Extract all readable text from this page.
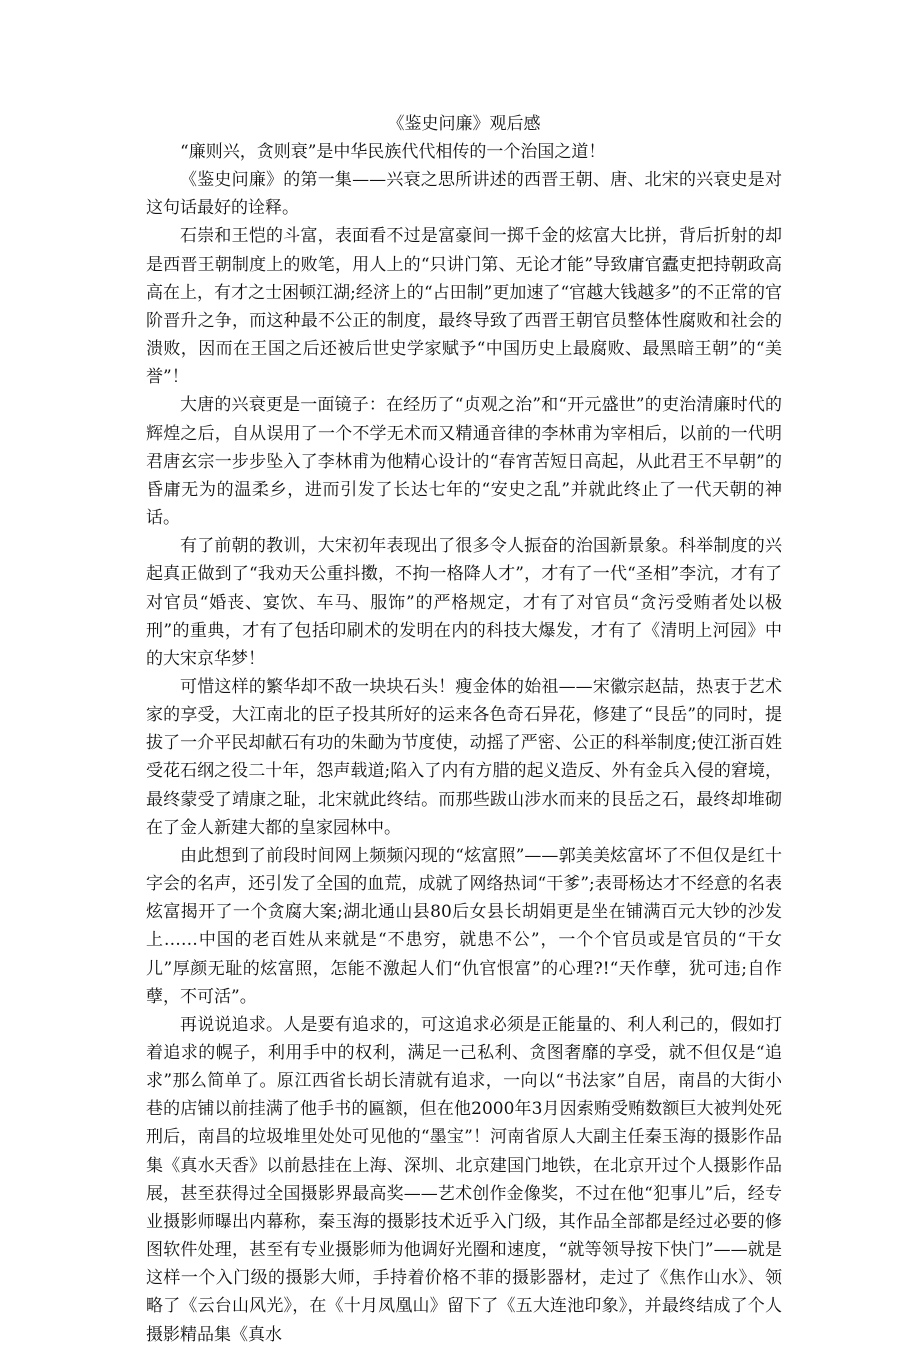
《鉴史问廉》观后感

“廉则兴，贪则衰”是中华民族代代相传的一个治国之道！

《鉴史问廉》的第一集——兴衰之思所讲述的西晋王朝、唐、北宋的兴衰史是对这句话最好的诠释。

石崇和王恺的斗富，表面看不过是富豪间一掷千金的炫富大比拼，背后折射的却是西晋王朝制度上的败笔，用人上的“只讲门第、无论才能”导致庸官蠹吏把持朝政高高在上，有才之士困顿江湖;经济上的“占田制”更加速了“官越大钱越多”的不正常的官阶晋升之争，而这种最不公正的制度，最终导致了西晋王朝官员整体性腐败和社会的溃败，因而在王国之后还被后世史学家赋予“中国历史上最腐败、最黑暗王朝”的“美誉”！

大唐的兴衰更是一面镜子：在经历了“贞观之治”和“开元盛世”的吏治清廉时代的辉煌之后，自从误用了一个不学无术而又精通音律的李林甫为宰相后，以前的一代明君唐玄宗一步步坠入了李林甫为他精心设计的“春宵苦短日高起，从此君王不早朝”的昏庸无为的温柔乡，进而引发了长达七年的“安史之乱”并就此终止了一代天朝的神话。

有了前朝的教训，大宋初年表现出了很多令人振奋的治国新景象。科举制度的兴起真正做到了“我劝天公重抖擞，不拘一格降人才”，才有了一代“圣相”李沆，才有了对官员“婚丧、宴饮、车马、服饰”的严格规定，才有了对官员“贪污受贿者处以极刑”的重典，才有了包括印刷术的发明在内的科技大爆发，才有了《清明上河园》中的大宋京华梦！

可惜这样的繁华却不敌一块块石头！瘦金体的始祖——宋徽宗赵喆，热衷于艺术家的享受，大江南北的臣子投其所好的运来各色奇石异花，修建了“艮岳”的同时，提拔了一介平民却献石有功的朱勔为节度使，动摇了严密、公正的科举制度;使江浙百姓受花石纲之役二十年，怨声载道;陷入了内有方腊的起义造反、外有金兵入侵的窘境，最终蒙受了靖康之耻，北宋就此终结。而那些跋山涉水而来的艮岳之石，最终却堆砌在了金人新建大都的皇家园林中。

由此想到了前段时间网上频频闪现的“炫富照”——郭美美炫富坏了不但仅是红十字会的名声，还引发了全国的血荒，成就了网络热词“干爹”;表哥杨达才不经意的名表炫富揭开了一个贪腐大案;湖北通山县80后女县长胡娟更是坐在铺满百元大钞的沙发上……中国的老百姓从来就是“不患穷，就患不公”，一个个官员或是官员的“干女儿”厚颜无耻的炫富照，怎能不激起人们“仇官恨富”的心理?!“天作孽，犹可违;自作孽，不可活”。

再说说追求。人是要有追求的，可这追求必须是正能量的、利人利己的，假如打着追求的幌子，利用手中的权利，满足一己私利、贪图奢靡的享受，就不但仅是“追求”那么简单了。原江西省长胡长清就有追求，一向以“书法家”自居，南昌的大街小巷的店铺以前挂满了他手书的匾额，但在他2000年3月因索贿受贿数额巨大被判处死刑后，南昌的垃圾堆里处处可见他的“墨宝”！河南省原人大副主任秦玉海的摄影作品集《真水天香》以前悬挂在上海、深圳、北京建国门地铁，在北京开过个人摄影作品展，甚至获得过全国摄影界最高奖——艺术创作金像奖，不过在他“犯事儿”后，经专业摄影师曝出内幕称，秦玉海的摄影技术近乎入门级，其作品全部都是经过必要的修图软件处理，甚至有专业摄影师为他调好光圈和速度，“就等领导按下快门”——就是这样一个入门级的摄影大师，手持着价格不菲的摄影器材，走过了《焦作山水》、领略了《云台山风光》，在《十月凤凰山》留下了《五大连池印象》，并最终结成了个人摄影精品集《真水
